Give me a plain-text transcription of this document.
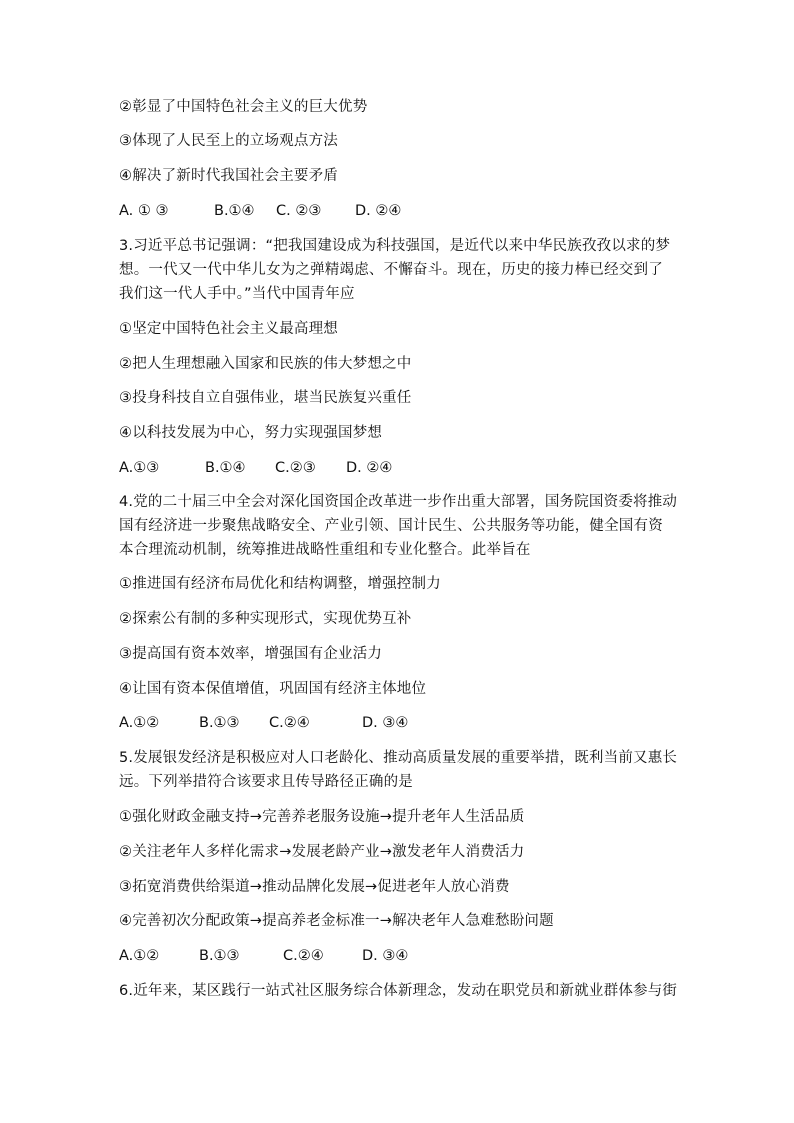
②彰显了中国特色社会主义的巨大优势
③体现了人民至上的立场观点方法
④解决了新时代我国社会主要矛盾
A. ① ③	B.①④ C. ②③ D. ②④
3.习近平总书记强调：“把我国建设成为科技强国，是近代以来中华民族孜孜以求的梦
想。一代又一代中华儿女为之弹精竭虑、不懈奋斗。现在，历史的接力棒已经交到了
我们这一代人手中。”当代中国青年应
①坚定中国特色社会主义最高理想
②把人生理想融入国家和民族的伟大梦想之中
③投身科技自立自强伟业，堪当民族复兴重任
④以科技发展为中心，努力实现强国梦想
A.①③	B.①④ C.②③ D. ②④
4.党的二十届三中全会对深化国资国企改革进一步作出重大部署，国务院国资委将推动
国有经济进一步聚焦战略安全、产业引领、国计民生、公共服务等功能，健全国有资
本合理流动机制，统筹推进战略性重组和专业化整合。此举旨在
①推进国有经济布局优化和结构调整，增强控制力
②探索公有制的多种实现形式，实现优势互补
③提高国有资本效率，增强国有企业活力
④让国有资本保值增值，巩固国有经济主体地位
A.①②	B.①③ C.②④	D. ③④
5.发展银发经济是积极应对人口老龄化、推动高质量发展的重要举措，既利当前又惠长
远。下列举措符合该要求且传导路径正确的是
①强化财政金融支持→完善养老服务设施→提升老年人生活品质
②关注老年人多样化需求→发展老龄产业→激发老年人消费活力
③拓宽消费供给渠道→推动品牌化发展→促进老年人放心消费
④完善初次分配政策→提高养老金标准一→解决老年人急难愁盼问题
A.①②	B.①③	C.②④	D. ③④
6.近年来，某区践行一站式社区服务综合体新理念，发动在职党员和新就业群体参与街
